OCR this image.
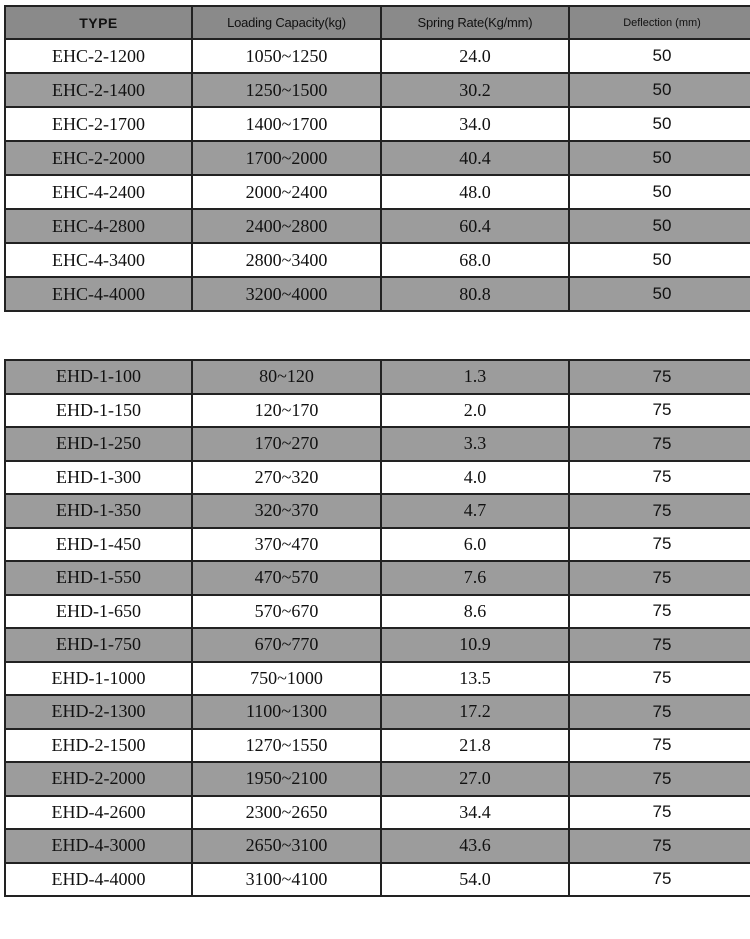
TYPE	Loading Capacity(kg)	Spring Rate(Kg/mm)	Deflection (mm)
EHC-2-1200	1050~1250	24.0	50
EHC-2-1400	1250~1500	30.2	50
EHC-2-1700	1400~1700	34.0	50
EHC-2-2000	1700~2000	40.4	50
EHC-4-2400	2000~2400	48.0	50
EHC-4-2800	2400~2800	60.4	50
EHC-4-3400	2800~3400	68.0	50
EHC-4-4000	3200~4000	80.8	50
EHD-1-100	80~120	1.3	75
EHD-1-150	120~170	2.0	75
EHD-1-250	170~270	3.3	75
EHD-1-300	270~320	4.0	75
EHD-1-350	320~370	4.7	75
EHD-1-450	370~470	6.0	75
EHD-1-550	470~570	7.6	75
EHD-1-650	570~670	8.6	75
EHD-1-750	670~770	10.9	75
EHD-1-1000	750~1000	13.5	75
EHD-2-1300	1100~1300	17.2	75
EHD-2-1500	1270~1550	21.8	75
EHD-2-2000	1950~2100	27.0	75
EHD-4-2600	2300~2650	34.4	75
EHD-4-3000	2650~3100	43.6	75
EHD-4-4000	3100~4100	54.0	75
